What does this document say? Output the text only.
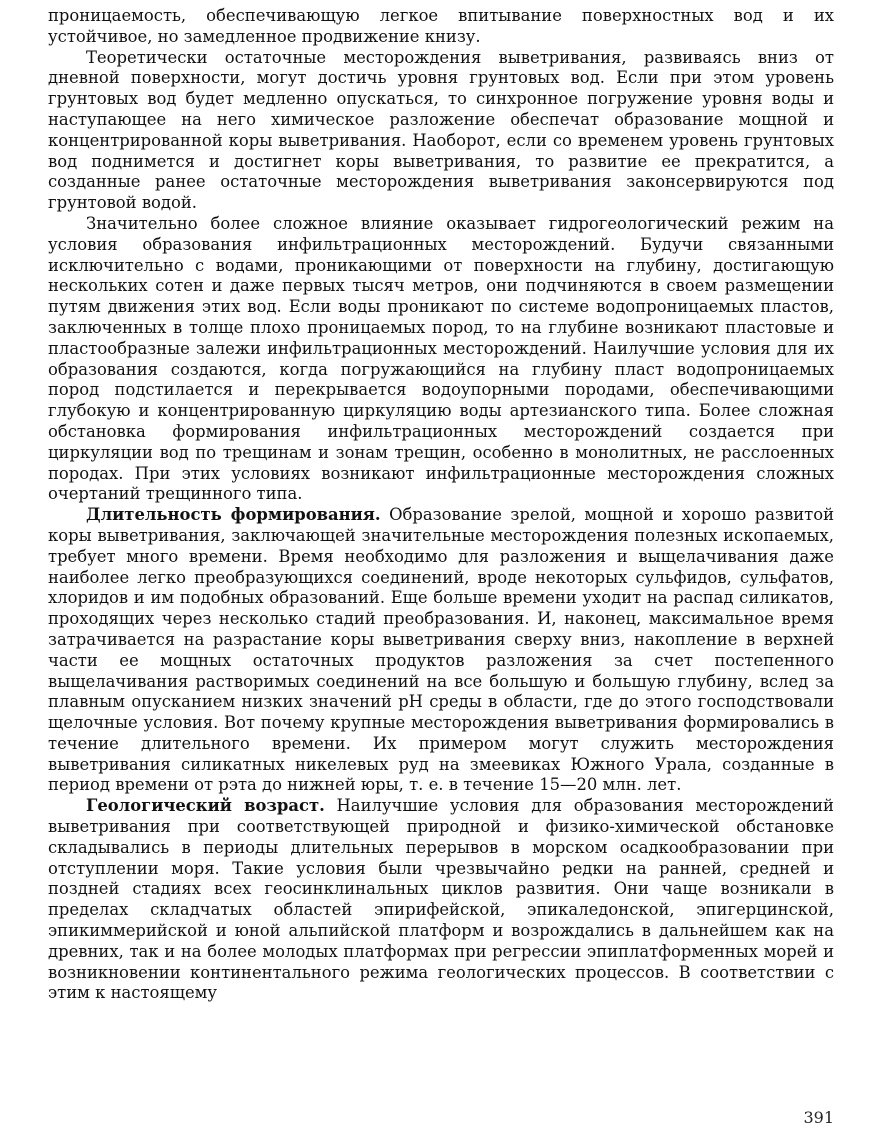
проницаемость, обеспечивающую легкое впитывание поверхностных вод и их устойчивое, но замедленное продвижение книзу.

Теоретически остаточные месторождения выветривания, развиваясь вниз от дневной поверхности, могут достичь уровня грунтовых вод. Если при этом уровень грунтовых вод будет медленно опускаться, то синхронное погружение уровня воды и наступающее на него химическое разложение обеспечат образование мощной и концентрированной коры выветривания. Наоборот, если со временем уровень грунтовых вод поднимется и достигнет коры выветривания, то развитие ее прекратится, а созданные ранее остаточные месторождения выветривания законсервируются под грунтовой водой.

Значительно более сложное влияние оказывает гидрогеологический режим на условия образования инфильтрационных месторождений. Будучи связанными исключительно с водами, проникающими от поверхности на глубину, достигающую нескольких сотен и даже первых тысяч метров, они подчиняются в своем размещении путям движения этих вод. Если воды проникают по системе водопроницаемых пластов, заключенных в толще плохо проницаемых пород, то на глубине возникают пластовые и пластообразные залежи инфильтрационных месторождений. Наилучшие условия для их образования создаются, когда погружающийся на глубину пласт водопроницаемых пород подстилается и перекрывается водоупорными породами, обеспечивающими глубокую и концентрированную циркуляцию воды артезианского типа. Более сложная обстановка формирования инфильтрационных месторождений создается при циркуляции вод по трещинам и зонам трещин, особенно в монолитных, не расслоенных породах. При этих условиях возникают инфильтрационные месторождения сложных очертаний трещинного типа.

Длительность формирования. Образование зрелой, мощной и хорошо развитой коры выветривания, заключающей значительные месторождения полезных ископаемых, требует много времени. Время необходимо для разложения и выщелачивания даже наиболее легко преобразующихся соединений, вроде некоторых сульфидов, сульфатов, хлоридов и им подобных образований. Еще больше времени уходит на распад силикатов, проходящих через несколько стадий преобразования. И, наконец, максимальное время затрачивается на разрастание коры выветривания сверху вниз, накопление в верхней части ее мощных остаточных продуктов разложения за счет постепенного выщелачивания растворимых соединений на все большую и большую глубину, вслед за плавным опусканием низких значений pH среды в области, где до этого господствовали щелочные условия. Вот почему крупные месторождения выветривания формировались в течение длительного времени. Их примером могут служить месторождения выветривания силикатных никелевых руд на змеевиках Южного Урала, созданные в период времени от рэта до нижней юры, т. е. в течение 15—20 млн. лет.

Геологический возраст. Наилучшие условия для образования месторождений выветривания при соответствующей природной и физико-химической обстановке складывались в периоды длительных перерывов в морском осадкообразовании при отступлении моря. Такие условия были чрезвычайно редки на ранней, средней и поздней стадиях всех геосинклинальных циклов развития. Они чаще возникали в пределах складчатых областей эпирифейской, эпикаледонской, эпигерцинской, эпикиммерийской и юной альпийской платформ и возрождались в дальнейшем как на древних, так и на более молодых платформах при регрессии эпиплатформенных морей и возникновении континентального режима геологических процессов. В соответствии с этим к настоящему

391
